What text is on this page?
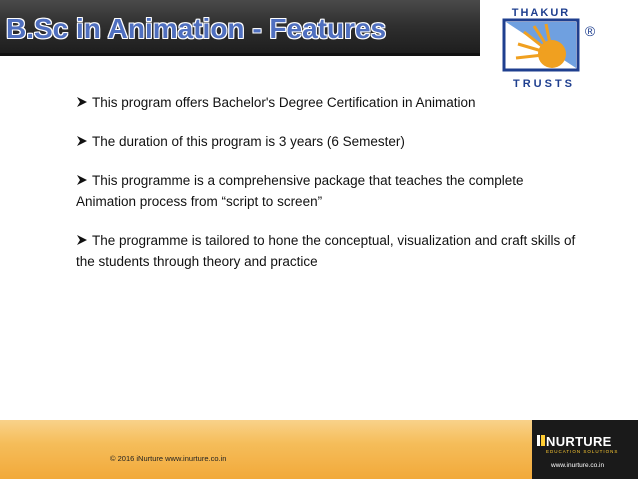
B.Sc in Animation - Features	THAKUR
®
TRUSTS

This program offers Bachelor's Degree Certification in Animation

The duration of this program is 3 years (6 Semester)

This programme is a comprehensive package that teaches the complete Animation process from “script to screen”

The programme is tailored to hone the conceptual, visualization and craft skills of the students through theory and practice

© 2016 iNurture www.inurture.co.in
NURTURE
EDUCATION SOLUTIONS
www.inurture.co.in
